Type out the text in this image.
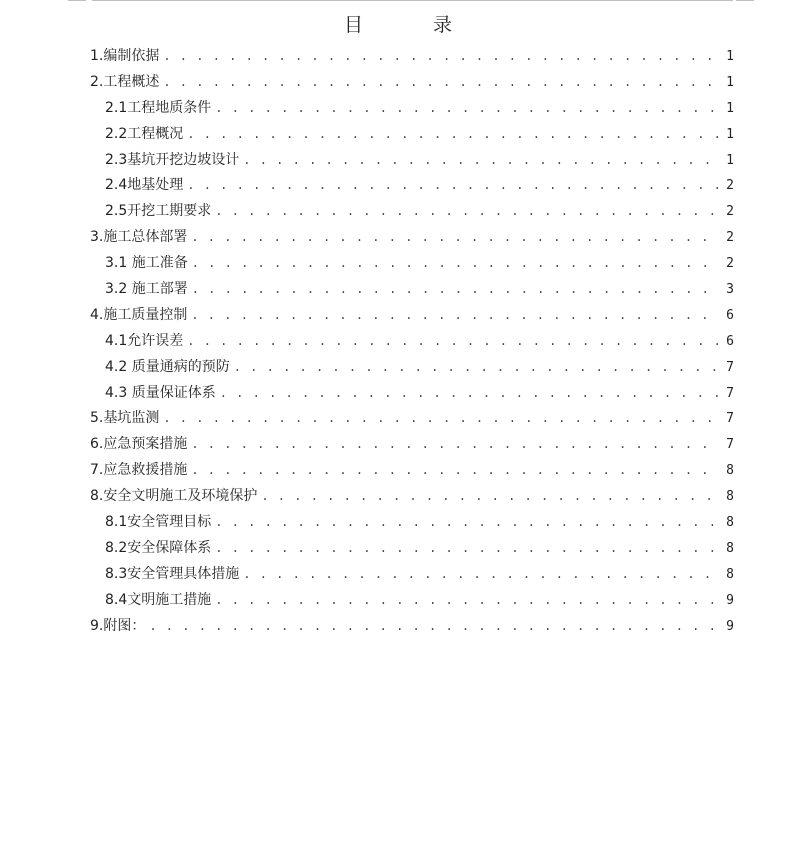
目 录
1.编制依据 . . .	1
2.工程概述 . . .	1
2.1工程地质条件 . . .	1
2.2工程概况 . . .	1
2.3基坑开挖边坡设计 . . .	1
2.4地基处理 . . .	2
2.5开挖工期要求 . . .	2
3.施工总体部署 . . .	2
3.1 施工准备 . . .	2
3.2 施工部署 . . .	3
4.施工质量控制 . . .	6
4.1允许误差 . . .	6
4.2 质量通病的预防 . . .	7
4.3 质量保证体系 . . .	7
5.基坑监测 . . .	7
6.应急预案措施 . . .	7
7.应急救援措施 . . .	8
8.安全文明施工及环境保护 . . .	8
8.1安全管理目标 . . .	8
8.2安全保障体系 . . .	8
8.3安全管理具体措施 . . .	8
8.4文明施工措施 . . .	9
9.附图： . . .	9
